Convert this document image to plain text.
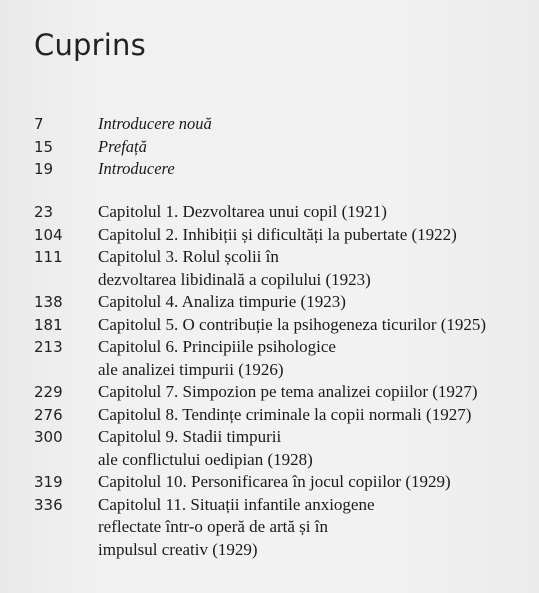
Cuprins
7	Introducere nouă
15	Prefață
19	Introducere
23	Capitolul 1. Dezvoltarea unui copil (1921)
104 Capitolul 2. Inhibiții și dificultăți la pubertate (1922)
111 Capitolul 3. Rolul școlii în
dezvoltarea libidinală a copilului (1923)
138 Capitolul 4. Analiza timpurie (1923)
181 Capitolul 5. O contribuție la psihogeneza ticurilor (1925)
213 Capitolul 6. Principiile psihologice
ale analizei timpurii (1926)
229 Capitolul 7. Simpozion pe tema analizei copiilor (1927)
276 Capitolul 8. Tendințe criminale la copii normali (1927)
300 Capitolul 9. Stadii timpurii
ale conflictului oedipian (1928)
319 Capitolul 10. Personificarea în jocul copiilor (1929)
336 Capitolul 11. Situații infantile anxiogene
reflectate într-o operă de artă și în
impulsul creativ (1929)
